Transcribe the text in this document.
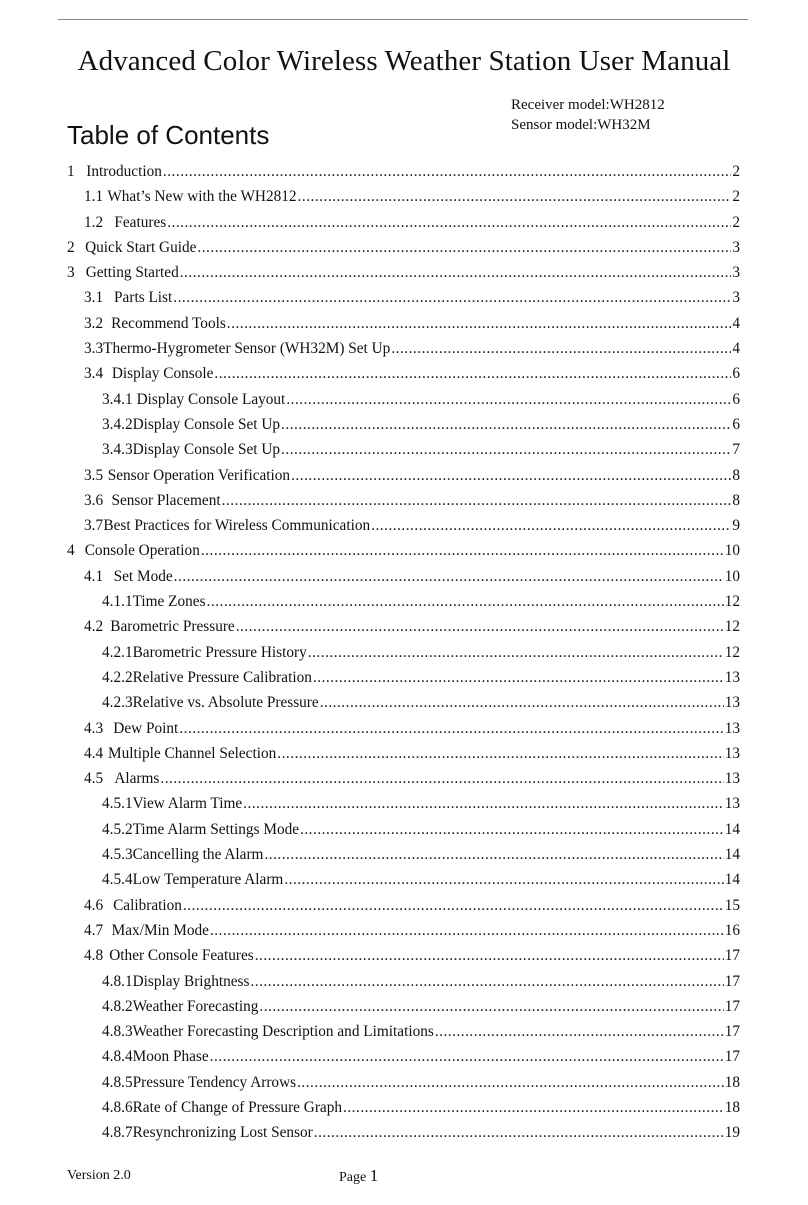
Advanced Color Wireless Weather Station User Manual
Receiver model:WH2812
Sensor model:WH32M
Table of Contents
1 Introduction .....	2
1.1 What’s New with the WH2812 .....	2
1.2 Features .....	2
2 Quick Start Guide .....	3
3 Getting Started .....	3
3.1 Parts List .....	3
3.2 Recommend Tools .....	4
3.3 Thermo-Hygrometer Sensor (WH32M) Set Up .....	4
3.4 Display Console .....	6
3.4.1 Display Console Layout .....	6
3.4.2 Display Console Set Up .....	6
3.4.3 Display Console Set Up .....	7
3.5 Sensor Operation Verification .....	8
3.6 Sensor Placement .....	8
3.7 Best Practices for Wireless Communication .....	9
4 Console Operation .....	10
4.1 Set Mode .....	10
4.1.1 Time Zones .....	12
4.2 Barometric Pressure .....	12
4.2.1 Barometric Pressure History .....	12
4.2.2 Relative Pressure Calibration .....	13
4.2.3 Relative vs. Absolute Pressure .....	13
4.3 Dew Point .....	13
4.4 Multiple Channel Selection .....	13
4.5 Alarms .....	13
4.5.1 View Alarm Time .....	13
4.5.2 Time Alarm Settings Mode .....	14
4.5.3 Cancelling the Alarm .....	14
4.5.4 Low Temperature Alarm .....	14
4.6 Calibration .....	15
4.7 Max/Min Mode .....	16
4.8 Other Console Features .....	17
4.8.1 Display Brightness .....	17
4.8.2 Weather Forecasting .....	17
4.8.3 Weather Forecasting Description and Limitations .....	17
4.8.4 Moon Phase .....	17
4.8.5 Pressure Tendency Arrows .....	18
4.8.6 Rate of Change of Pressure Graph .....	18
4.8.7 Resynchronizing Lost Sensor .....	19
Version 2.0	Page 1
